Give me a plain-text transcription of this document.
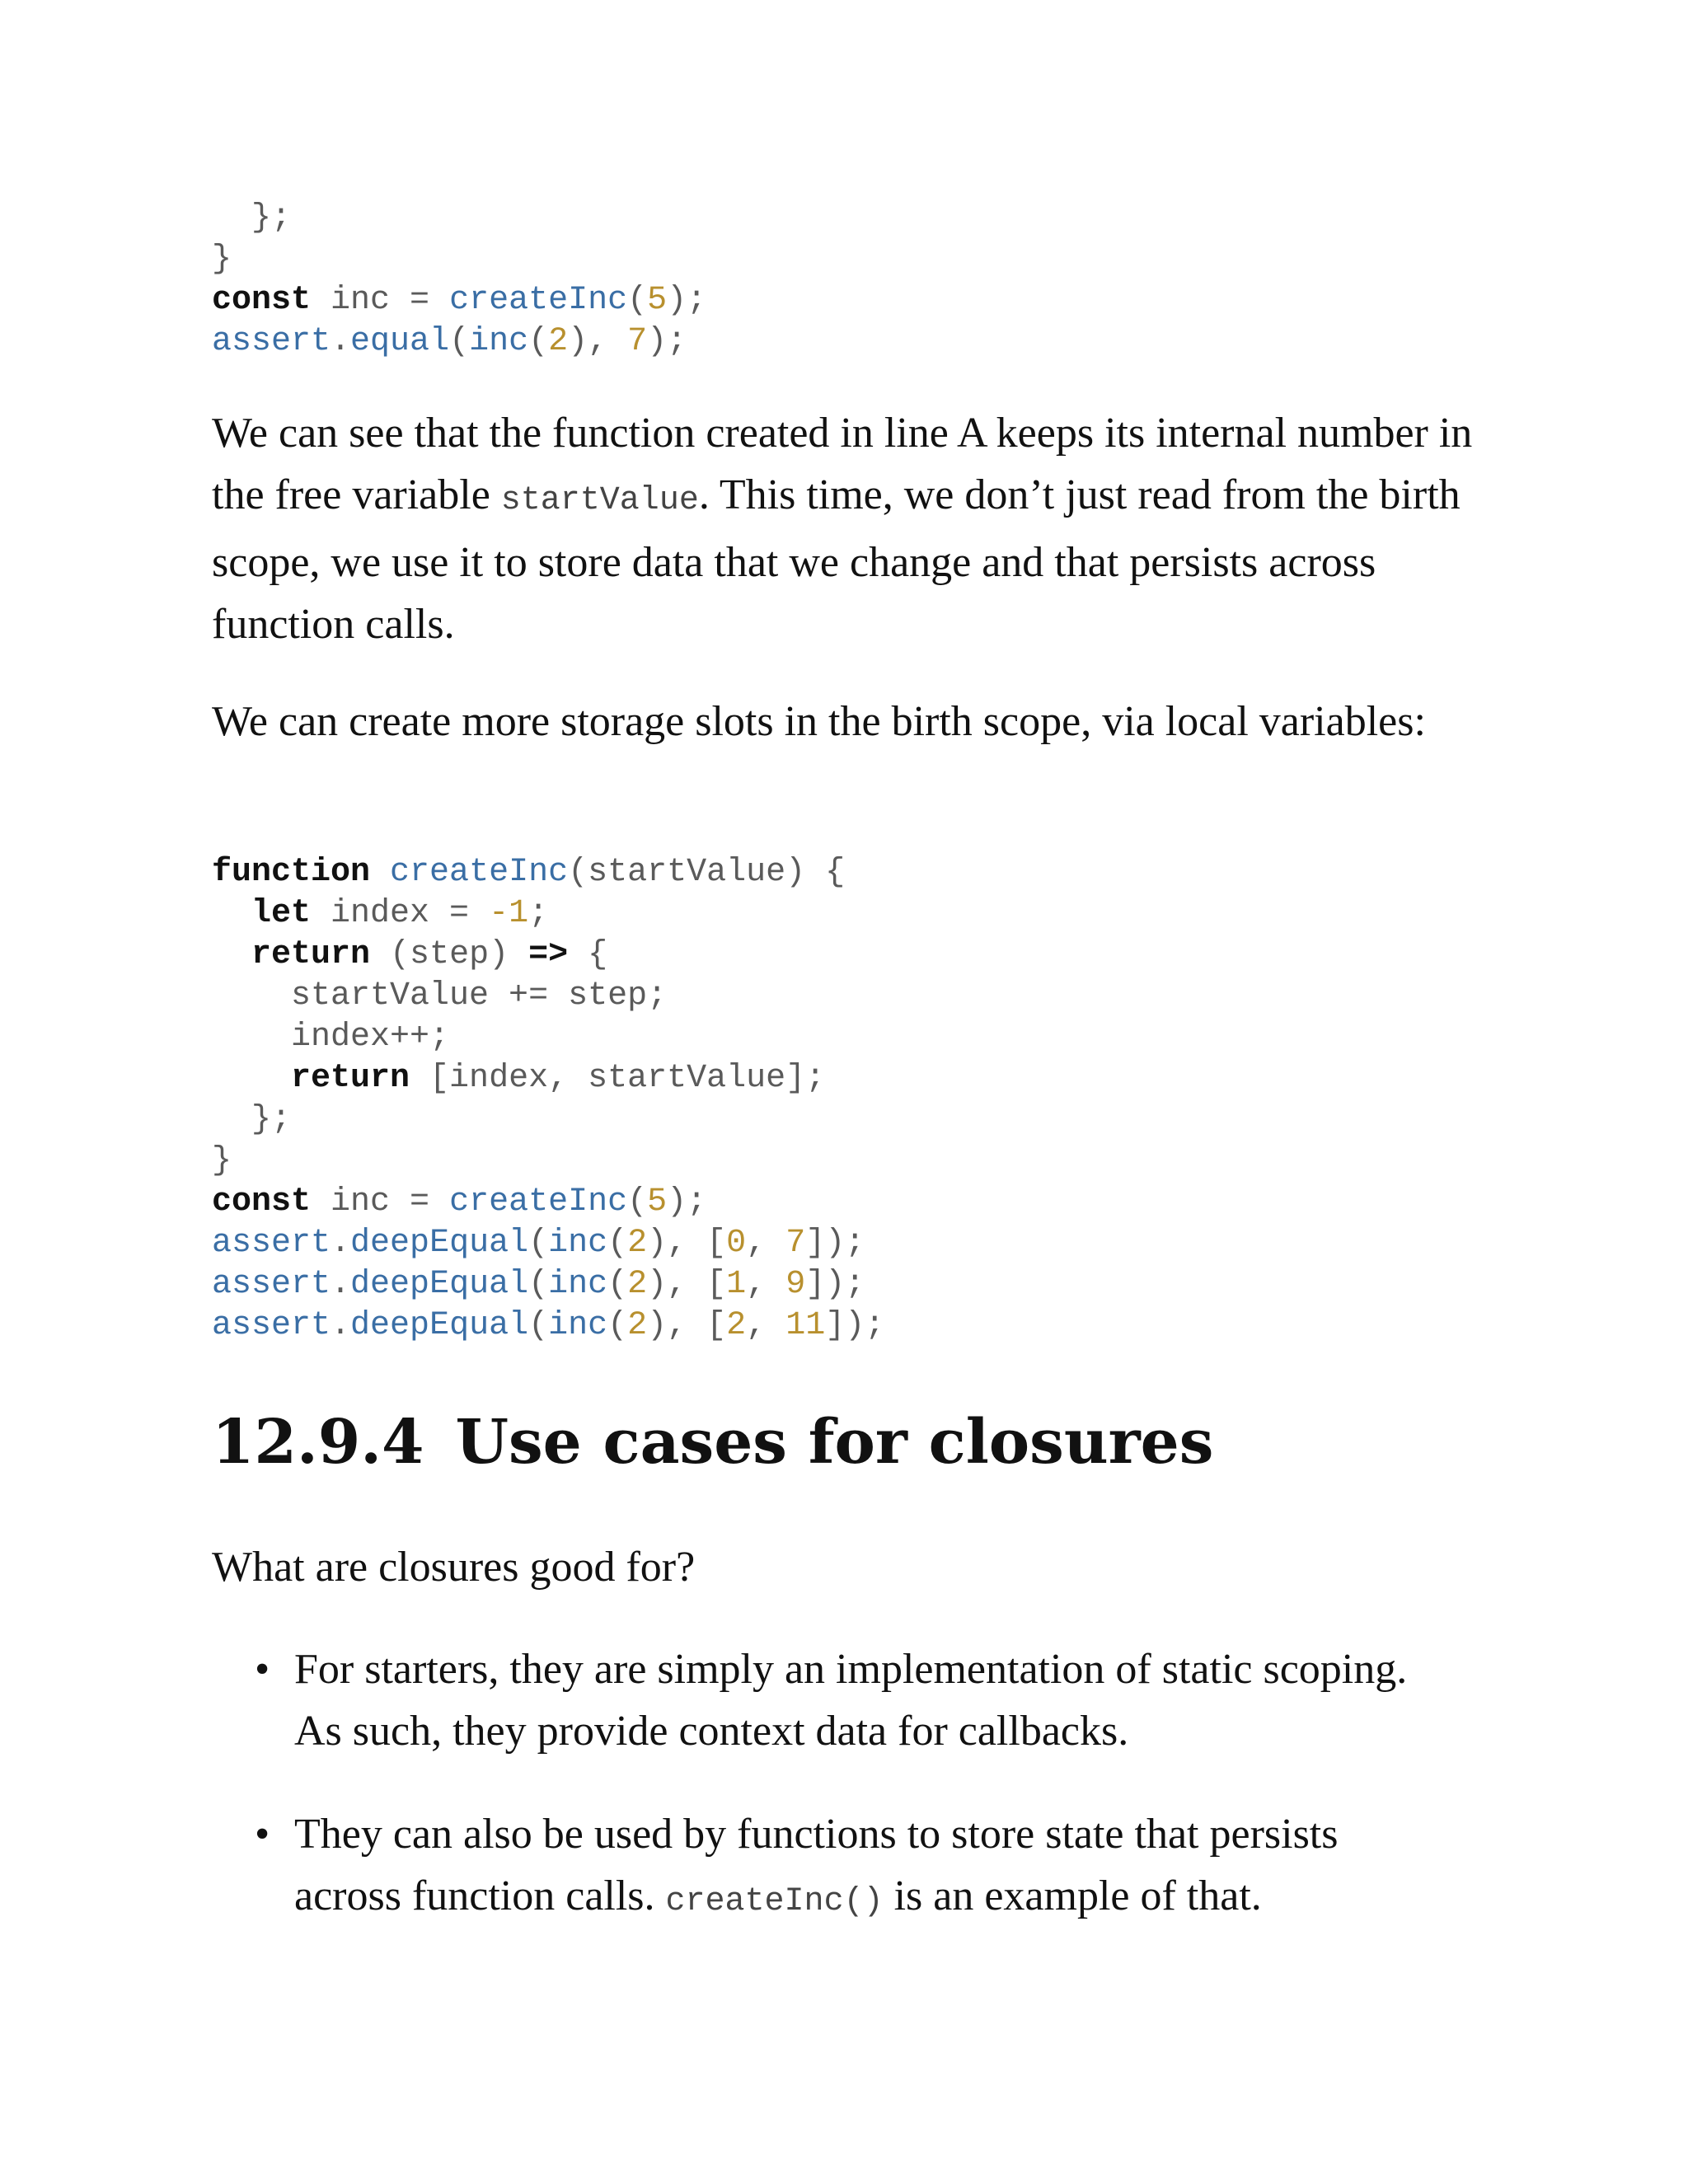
};
}
const inc = createInc(5);
assert.equal(inc(2), 7);

We can see that the function created in line A keeps its internal number in the free variable startValue. This time, we don’t just read from the birth scope, we use it to store data that we change and that persists across function calls.

We can create more storage slots in the birth scope, via local variables:

function createInc(startValue) {
let index = -1;
return (step) => {
startValue += step;
index++;
return [index, startValue];
};
}
const inc = createInc(5);
assert.deepEqual(inc(2), [0, 7]);
assert.deepEqual(inc(2), [1, 9]);
assert.deepEqual(inc(2), [2, 11]);
12.9.4 Use cases for closures

What are closures good for?

• For starters, they are simply an implementation of static scoping. As such, they provide context data for callbacks.
• They can also be used by functions to store state that persists across function calls. createInc() is an example of that.
